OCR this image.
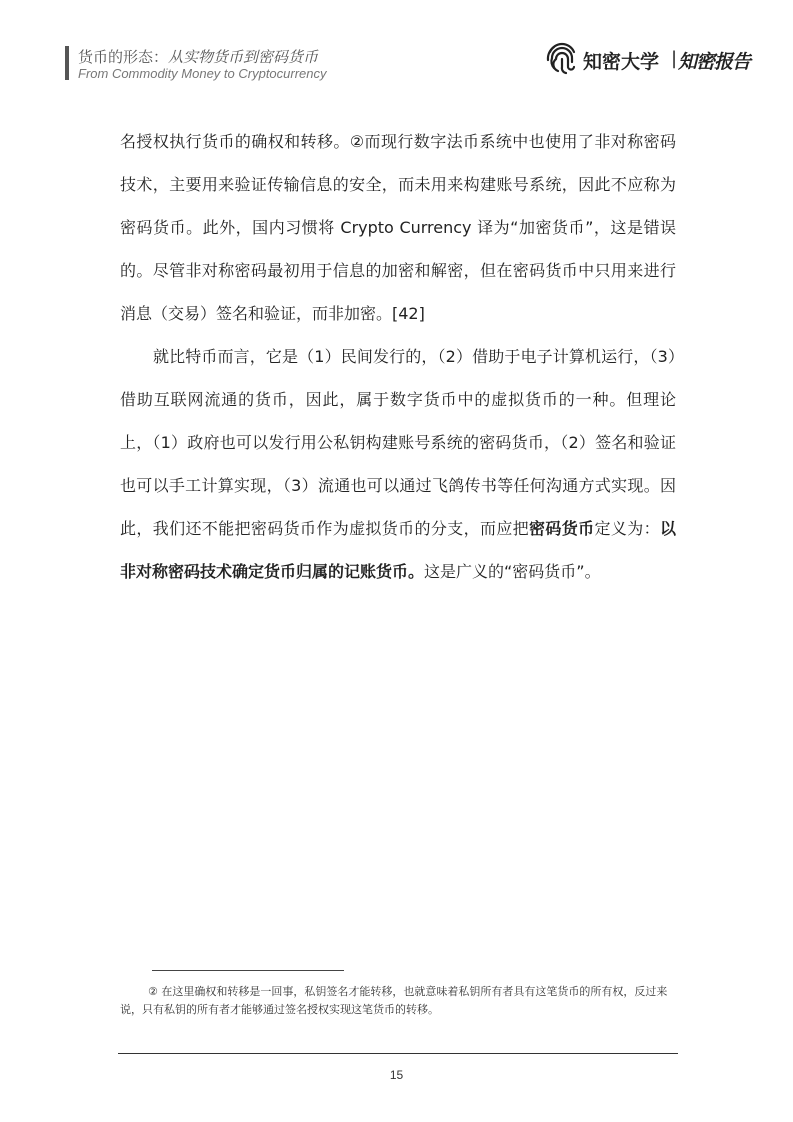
货币的形态：从实物货币到密码货币
From Commodity Money to Cryptocurrency
知密大学 | 知密报告

名授权执行货币的确权和转移。②而现行数字法币系统中也使用了非对称密码技术，主要用来验证传输信息的安全，而未用来构建账号系统，因此不应称为密码货币。此外，国内习惯将 Crypto Currency 译为“加密货币”，这是错误的。尽管非对称密码最初用于信息的加密和解密，但在密码货币中只用来进行消息（交易）签名和验证，而非加密。[42]

就比特币而言，它是（1）民间发行的，（2）借助于电子计算机运行，（3）借助互联网流通的货币，因此，属于数字货币中的虚拟货币的一种。但理论上，（1）政府也可以发行用公私钥构建账号系统的密码货币，（2）签名和验证也可以手工计算实现，（3）流通也可以通过飞鸽传书等任何沟通方式实现。因此，我们还不能把密码货币作为虚拟货币的分支，而应把密码货币定义为：以非对称密码技术确定货币归属的记账货币。这是广义的“密码货币”。

② 在这里确权和转移是一回事，私钥签名才能转移，也就意味着私钥所有者具有这笔货币的所有权，反过来说，只有私钥的所有者才能够通过签名授权实现这笔货币的转移。
15
